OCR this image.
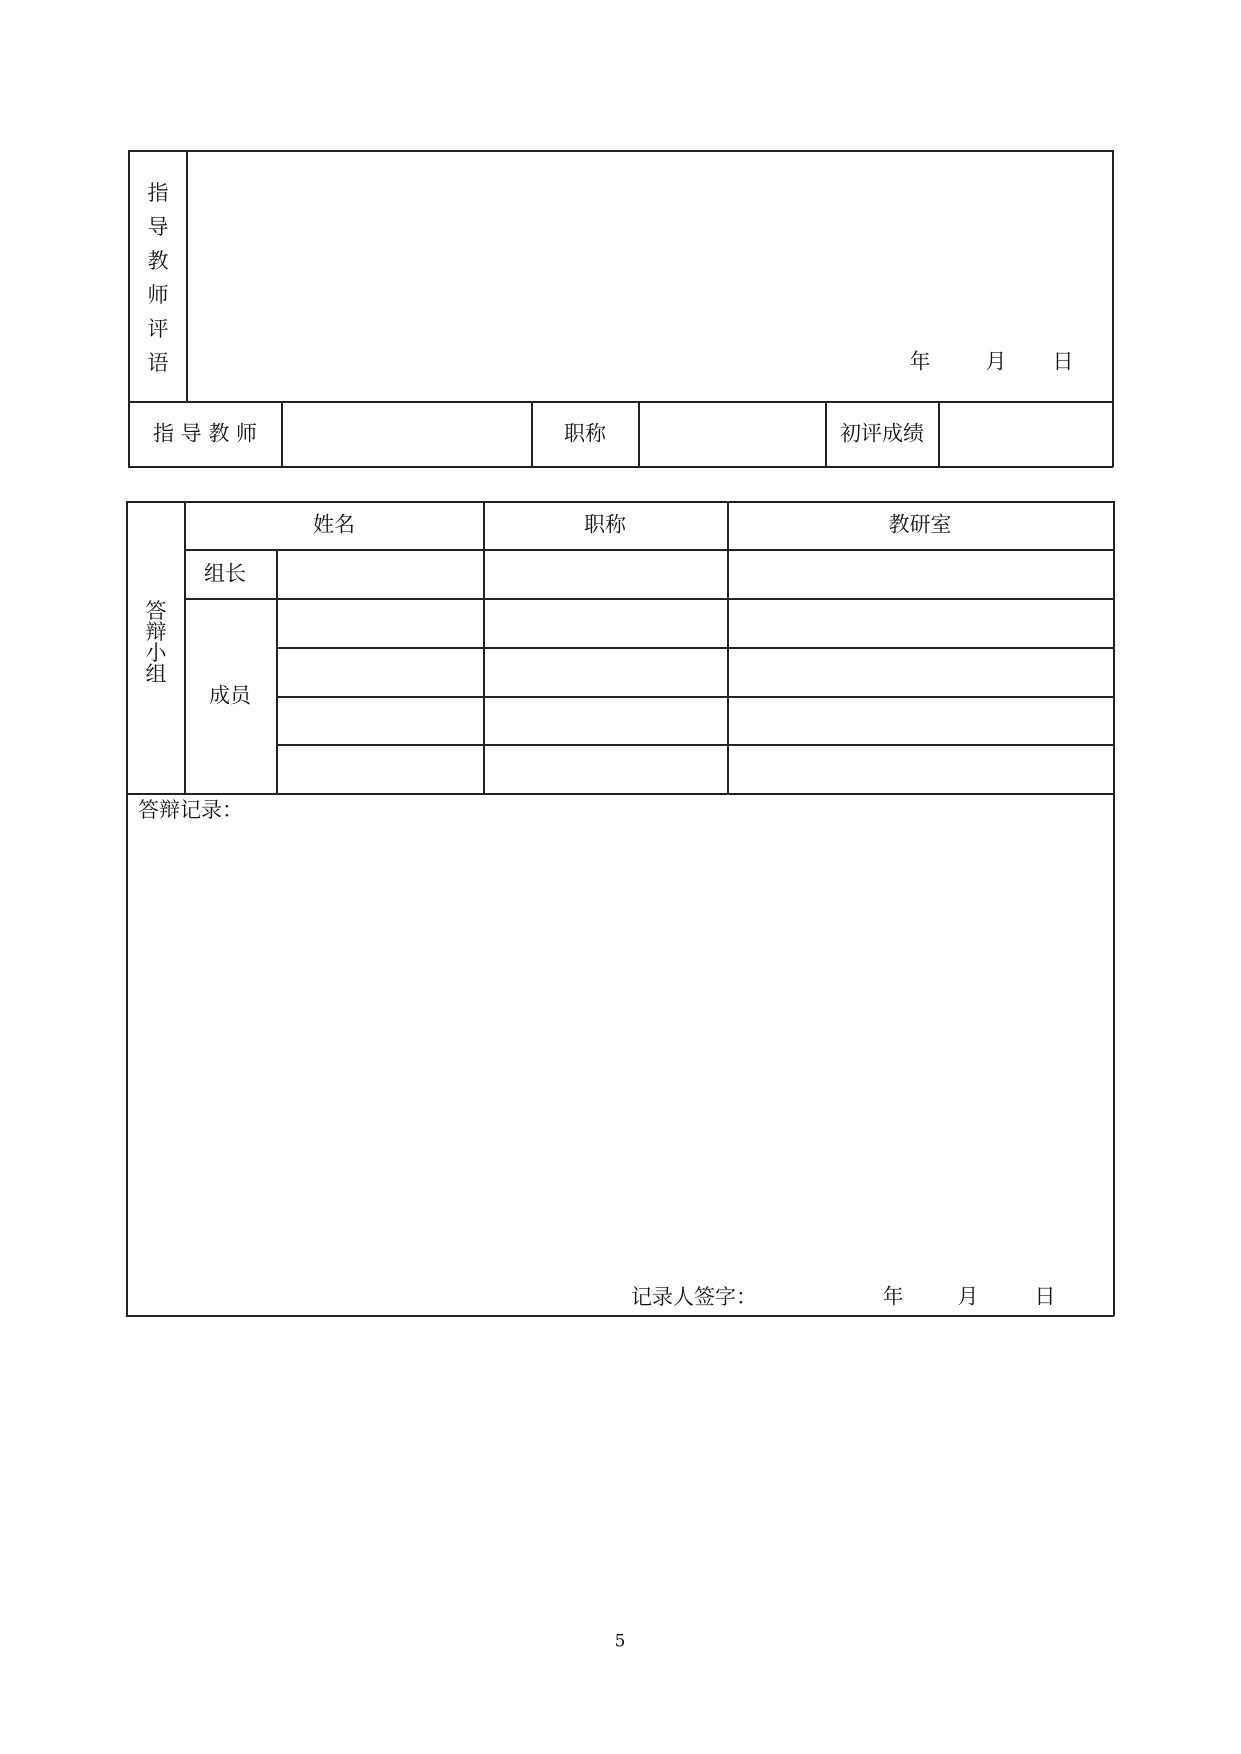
指
导
教
师
评
语	年	月 日
指 导 教 师	职称	初评成绩
答
辩
小
组
姓名	职称	教研室
组长
成员
答辩记录：
记录人签字：	年	月	日
5
